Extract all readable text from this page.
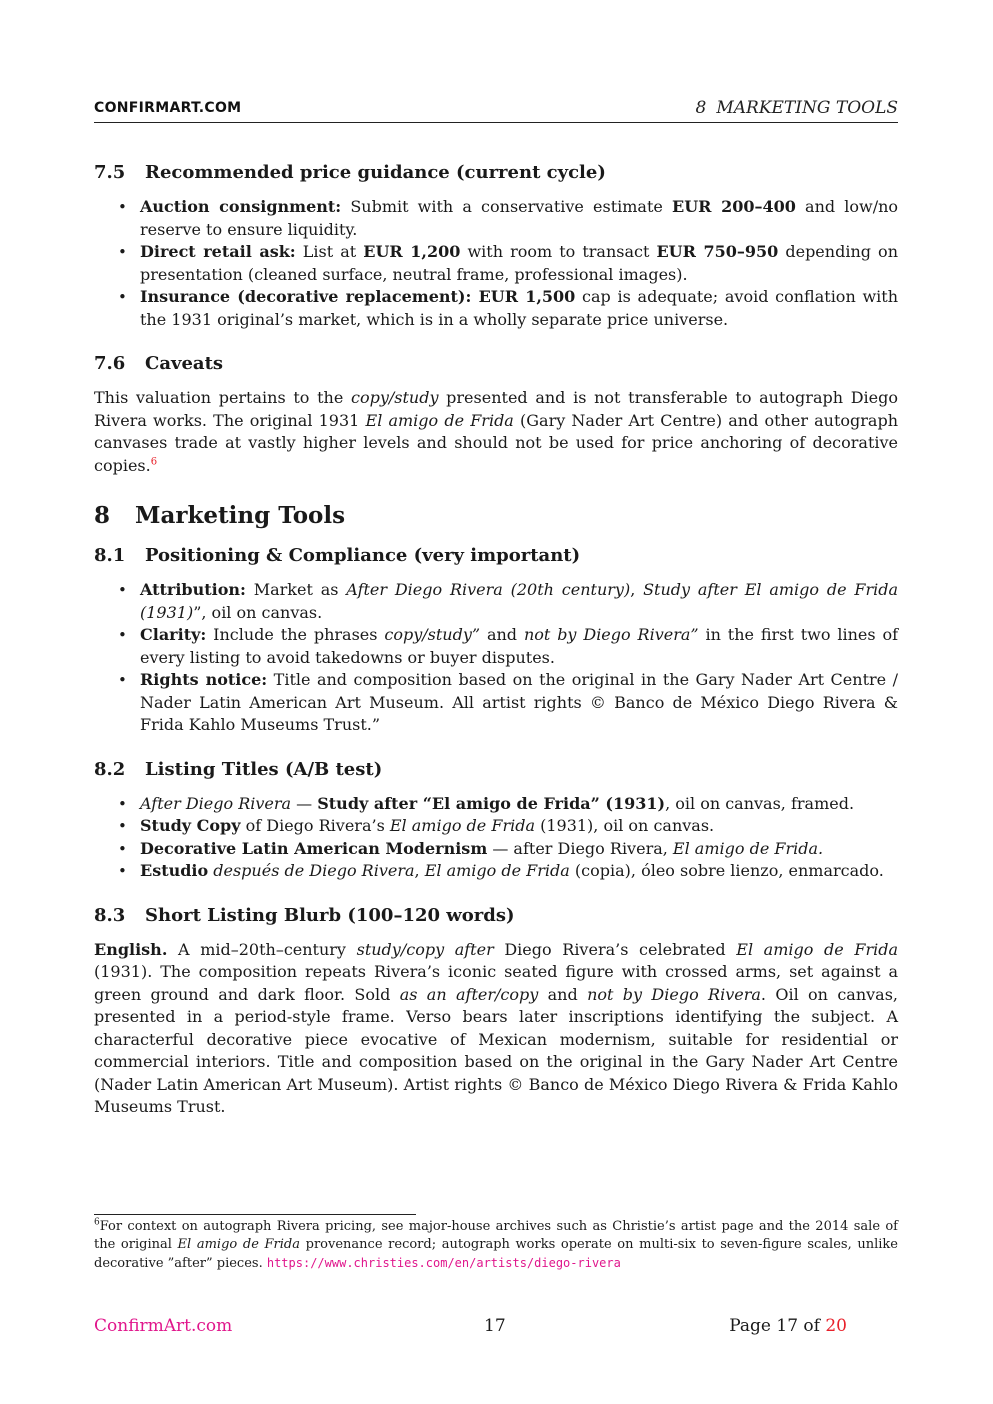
CONFIRMART.COM	8 MARKETING TOOLS
7.5 Recommended price guidance (current cycle)
• Auction consignment: Submit with a conservative estimate EUR 200–400 and low/no reserve to ensure liquidity.
• Direct retail ask: List at EUR 1,200 with room to transact EUR 750–950 depending on presentation (cleaned surface, neutral frame, professional images).
• Insurance (decorative replacement): EUR 1,500 cap is adequate; avoid conflation with the 1931 original’s market, which is in a wholly separate price universe.
7.6 Caveats

This valuation pertains to the copy/study presented and is not transferable to autograph Diego Rivera works. The original 1931 El amigo de Frida (Gary Nader Art Centre) and other autograph canvases trade at vastly higher levels and should not be used for price anchoring of decorative copies.$^6$

8 Marketing Tools
8.1 Positioning & Compliance (very important)
• Attribution: Market as After Diego Rivera (20th century), Study after El amigo de Frida (1931)”, oil on canvas.
• Clarity: Include the phrases copy/study” and not by Diego Rivera” in the first two lines of every listing to avoid takedowns or buyer disputes.
• Rights notice: Title and composition based on the original in the Gary Nader Art Centre / Nader Latin American Art Museum. All artist rights © Banco de México Diego Rivera & Frida Kahlo Museums Trust.”
8.2 Listing Titles (A/B test)
• After Diego Rivera — Study after “El amigo de Frida” (1931), oil on canvas, framed.
• Study Copy of Diego Rivera’s El amigo de Frida (1931), oil on canvas.
• Decorative Latin American Modernism — after Diego Rivera, El amigo de Frida.
• Estudio después de Diego Rivera, El amigo de Frida (copia), óleo sobre lienzo, enmarcado.
8.3 Short Listing Blurb (100–120 words)

English. A mid–20th–century study/copy after Diego Rivera’s celebrated El amigo de Frida (1931). The composition repeats Rivera’s iconic seated figure with crossed arms, set against a green ground and dark floor. Sold as an after/copy and not by Diego Rivera. Oil on canvas, presented in a period-style frame. Verso bears later inscriptions identifying the subject. A characterful decorative piece evocative of Mexican modernism, suitable for residential or commercial interiors. Title and composition based on the original in the Gary Nader Art Centre (Nader Latin American Art Museum). Artist rights © Banco de México Diego Rivera & Frida Kahlo Museums Trust.

$^6$For context on autograph Rivera pricing, see major-house archives such as Christie’s artist page and the 2014 sale of the original El amigo de Frida provenance record; autograph works operate on multi-six to seven-figure scales, unlike decorative ”after” pieces. https://www.christies.com/en/artists/diego-rivera
ConfirmArt.com	17	Page 17 of 20
